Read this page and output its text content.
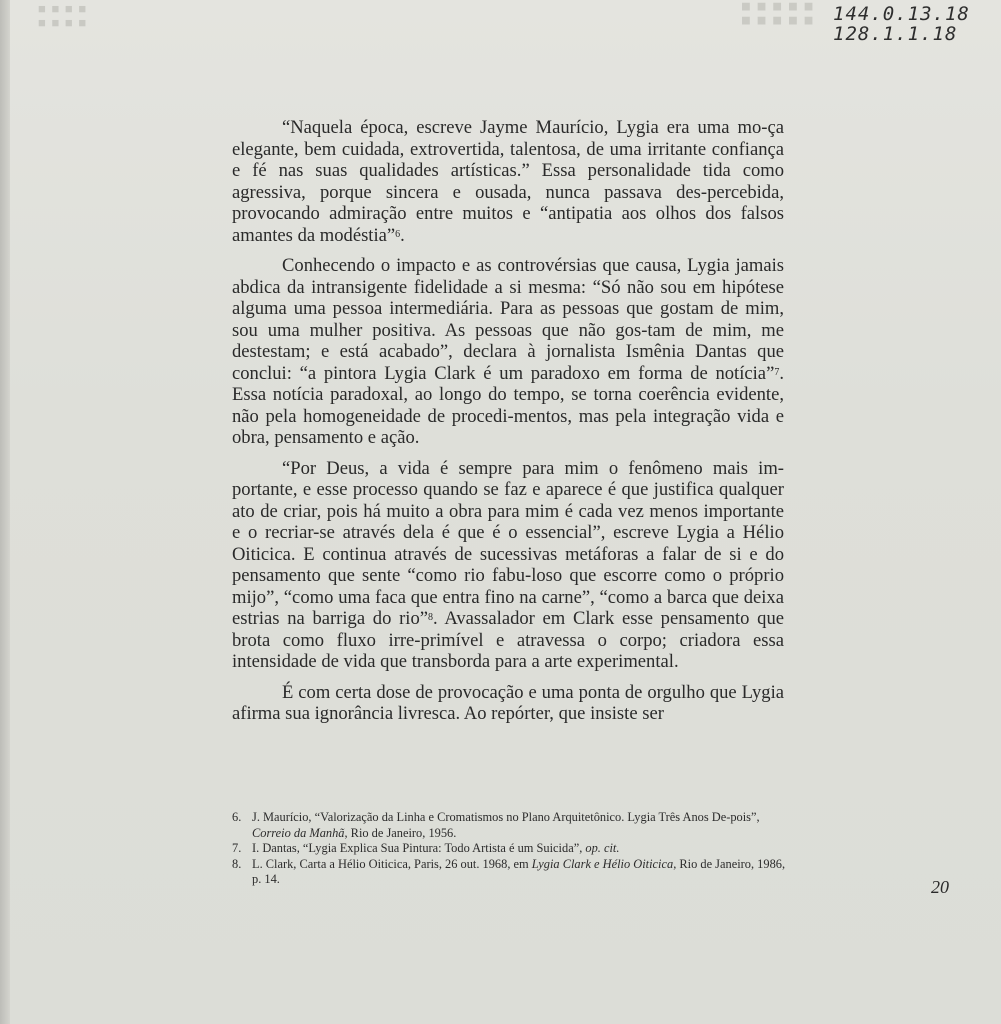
■ ■ ■ ■
■ ■ ■ ■
■ ■ ■ ■ ■
■ ■ ■ ■ ■ 144.0.13.18
128.1.1.18

“Naquela época, escreve Jayme Maurício, Lygia era uma mo-ça elegante, bem cuidada, extrovertida, talentosa, de uma irritante confiança e fé nas suas qualidades artísticas.” Essa personalidade tida como agressiva, porque sincera e ousada, nunca passava des-percebida, provocando admiração entre muitos e “antipatia aos olhos dos falsos amantes da modéstia”$^6$.

Conhecendo o impacto e as controvérsias que causa, Lygia jamais abdica da intransigente fidelidade a si mesma: “Só não sou em hipótese alguma uma pessoa intermediária. Para as pessoas que gostam de mim, sou uma mulher positiva. As pessoas que não gos-tam de mim, me destestam; e está acabado”, declara à jornalista Ismênia Dantas que conclui: “a pintora Lygia Clark é um paradoxo em forma de notícia”$^7$. Essa notícia paradoxal, ao longo do tempo, se torna coerência evidente, não pela homogeneidade de procedi-mentos, mas pela integração vida e obra, pensamento e ação.

“Por Deus, a vida é sempre para mim o fenômeno mais im-portante, e esse processo quando se faz e aparece é que justifica qualquer ato de criar, pois há muito a obra para mim é cada vez menos importante e o recriar-se através dela é que é o essencial”, escreve Lygia a Hélio Oiticica. E continua através de sucessivas metáforas a falar de si e do pensamento que sente “como rio fabu-loso que escorre como o próprio mijo”, “como uma faca que entra fino na carne”, “como a barca que deixa estrias na barriga do rio”$^8$. Avassalador em Clark esse pensamento que brota como fluxo irre-primível e atravessa o corpo; criadora essa intensidade de vida que transborda para a arte experimental.

É com certa dose de provocação e uma ponta de orgulho que Lygia afirma sua ignorância livresca. Ao repórter, que insiste ser

6. J. Maurício, “Valorização da Linha e Cromatismos no Plano Arquitetônico. Lygia Três Anos De-pois”, Correio da Manhã, Rio de Janeiro, 1956.
7. I. Dantas, “Lygia Explica Sua Pintura: Todo Artista é um Suicida”, op. cit.
8. L. Clark, Carta a Hélio Oiticica, Paris, 26 out. 1968, em Lygia Clark e Hélio Oiticica, Rio de Janeiro, 1986, p. 14.	20
